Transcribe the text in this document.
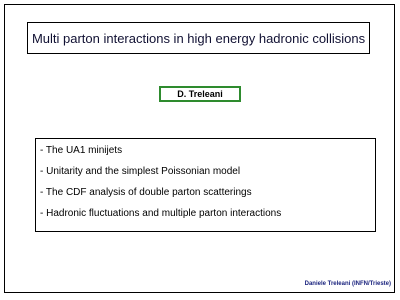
Multi parton interactions in high energy hadronic collisions
D. Treleani
- The UA1 minijets
- Unitarity and the simplest Poissonian model
- The CDF analysis of double parton scatterings
- Hadronic fluctuations and multiple parton interactions
Daniele Treleani (INFN/Trieste)
